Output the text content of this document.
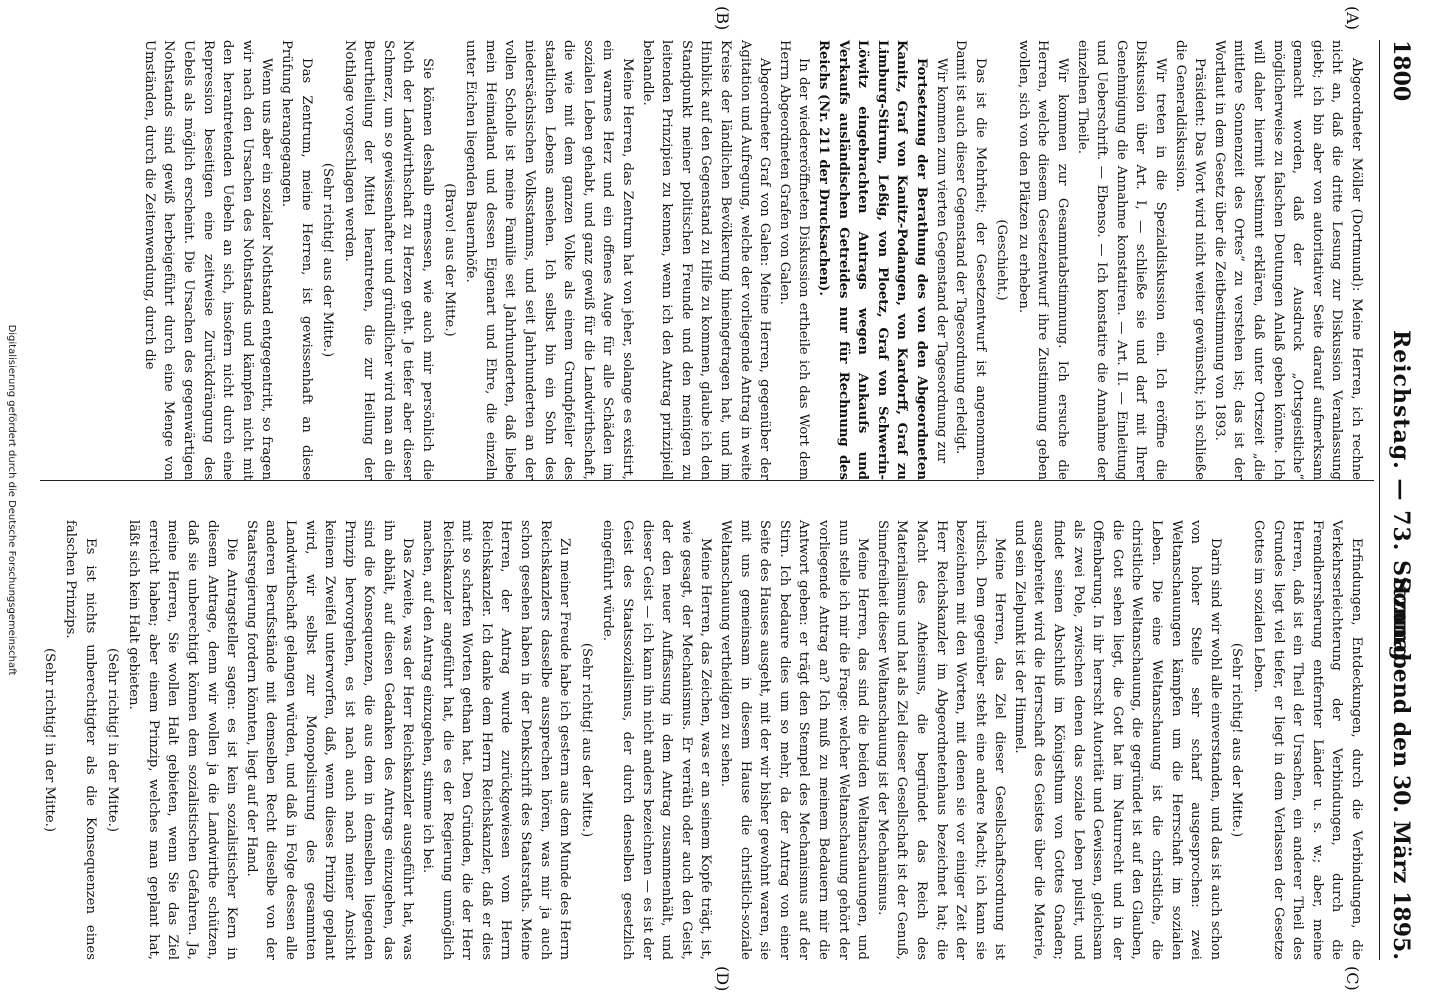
1800
Reichstag. — 73. Sitzung.
Sonnabend den 30. März 1895.
(A)
(B)
(C)
(D)

Abgeordneter Möller (Dortmund): Meine Herren, ich rechne nicht an, daß die dritte Lesung zur Diskussion Veranlassung giebt; ich bin aber von autoritativer Seite darauf aufmerksam gemacht worden, daß der Ausdruck „Ortsgeistliche“ möglicherweise zu falschen Deutungen Anlaß geben könnte. Ich will daher hiermit bestimmt erklären, daß unter Ortszeit „die mittlere Sonnenzeit des Ortes“ zu verstehen ist; das ist der Wortlaut in dem Gesetz über die Zeitbestimmung von 1893.

Präsident: Das Wort wird nicht weiter gewünscht; ich schließe die Generaldiskussion.

Wir treten in die Spezialdiskussion ein. Ich eröffne die Diskussion über Art. I, — schließe sie und darf mit Ihrer Genehmigung die Annahme konstatiren. — Art. II. — Einleitung und Ueberschrift. — Ebenso. — Ich konstatire die Annahme der einzelnen Theile.

Wir kommen zur Gesammtabstimmung. Ich ersuche die Herren, welche diesem Gesetzentwurf ihre Zustimmung geben wollen, sich von den Plätzen zu erheben.

(Geschieht.)

Das ist die Mehrheit; der Gesetzentwurf ist angenommen. Damit ist auch dieser Gegenstand der Tagesordnung erledigt.

Wir kommen zum vierten Gegenstand der Tagesordnung zur

Fortsetzung der Berathung des von den Abgeordneten Kanitz, Graf von Kanitz-Podangen, von Kardorff, Graf zu Limburg-Stirum, Leßig, von Ploetz, Graf von Schwerin-Löwitz eingebrachten Antrags wegen Ankaufs und Verkaufs ausländischen Getreides nur für Rechnung des Reichs (Nr. 211 der Drucksachen).

In der wiedereröffneten Diskussion ertheile ich das Wort dem Herrn Abgeordneten Grafen von Galen.

Abgeordneter Graf von Galen: Meine Herren, gegenüber der Agitation und Aufregung, welche der vorliegende Antrag in weite Kreise der ländlichen Bevölkerung hineingetragen hat, und im Hinblick auf den Gegenstand zu Hilfe zu kommen, glaube ich den Standpunkt meiner politischen Freunde und den meinigen zu leitenden Prinzipien zu kennen, wenn ich den Antrag prinzipiell behandle.

Meine Herren, das Zentrum hat von jeher, solange es existirt, ein warmes Herz und ein offenes Auge für alle Schäden im sozialen Leben gehabt, und ganz gewiß für die Landwirthschaft, die wie mit dem ganzen Volke als einem Grundpfeiler des staatlichen Lebens ansehen. Ich selbst bin ein Sohn des niedersächsischen Volksstamms, und seit Jahrhunderten an der vollen Scholle ist meine Familie seit Jahrhunderten, daß liebe mein Heimatland und dessen Eigenart und Ehre, die einzeln unter Eichen liegenden Bauernhöfe.

(Bravo! aus der Mitte.)

Sie können deshalb ermessen, wie auch mir persönlich die Noth der Landwirthschaft zu Herzen geht. Je tiefer aber dieser Schmerz, um so gewissenhafter und gründlicher wird man an die Beurtheilung der Mittel herantreten, die zur Heilung der Nothlage vorgeschlagen werden.

(Sehr richtig! aus der Mitte.)

Das Zentrum, meine Herren, ist gewissenhaft an diese Prüfung herangegangen.

Wenn uns aber ein sozialer Nothstand entgegentritt, so fragen wir nach den Ursachen des Nothstands und kämpfen nicht mit den herantretenden Uebeln an sich, insofern nicht durch eine Repression beseitigen eine zeitweise Zurückdrängung des Uebels als möglich erscheint. Die Ursachen des gegenwärtigen Nothstands sind gewiß herbeigeführt durch eine Menge von Umständen, durch die Zeitenwendung, durch die

Erfindungen, Entdeckungen, durch die Verbindungen, die Verkehrserleichterung der Verbindungen, durch die Fremdherrsherung entfernter Länder u. s. w.; aber, meine Herren, daß ist ein Theil der Ursachen, ein anderer Theil des Grundes liegt viel tiefer, er liegt in dem Verlassen der Gesetze Gottes im sozialen Leben.

(Sehr richtig! aus der Mitte.)

Darin sind wir wohl alle einverstanden, und das ist auch schon von hoher Stelle sehr scharf ausgesprochen: zwei Weltanschauungen kämpfen um die Herrschaft im sozialen Leben. Die eine Weltanschauung ist die christliche, die christliche Weltanschauung, die gegründet ist auf den Glauben, die Gott sehen liegt, die Gott hat im Naturrecht und in der Offenbarung. In ihr herrscht Autorität und Gewissen, gleichsam als zwei Pole, zwischen denen das soziale Leben pulsirt, und findet seinen Abschluß im Königsthum von Gottes Gnaden; ausgebreitet wird die Herrschaft des Geistes über die Materie, und sein Zielpunkt ist der Himmel.

Meine Herren, das Ziel dieser Gesellschaftsordnung ist irdisch. Dem gegenüber steht eine andere Macht; ich kann sie bezeichnen mit den Worten, mit denen sie vor einiger Zeit der Herr Reichskanzler im Abgeordnetenhaus bezeichnet hat; die Macht des Atheismus, die begründet das Reich des Materialismus und hat als Ziel dieser Gesellschaft ist der Genuß, Sinnefreiheit dieser Weltanschauung ist der Mechanismus.

Meine Herren, das sind die beiden Weltanschauungen, und nun stelle ich mir die Frage: welcher Weltanschauung gehört der vorliegende Antrag an? Ich muß zu meinem Bedauern mir die Antwort geben: er trägt den Stempel des Mechanismus auf der Stirn. Ich bedaure dies um so mehr, da der Antrag von einer Seite des Hauses ausgeht, mit der wir bisher gewohnt waren, sie mit uns gemeinsam in diesem Hause die christlich-soziale Weltanschauung vertheidigen zu sehen.

Meine Herren, das Zeichen, was er an seinem Kopfe trägt, ist, wie gesagt, der Mechanismus. Er verräth oder auch den Geist, der den neuer Auffassung in dem Antrag zusammenhält, und dieser Geist — ich kann ihn nicht anders bezeichnen — es ist der Geist des Staatssozialismus, der durch denselben gesetzlich eingeführt würde.

(Sehr richtig! aus der Mitte.)

Zu meiner Freude habe ich gestern aus dem Munde des Herrn Reichskanzlers dasselbe aussprechen hören, was mir ja auch schon gesehen haben in der Denkschrift des Staatsraths. Meine Herren, der Antrag wurde zurückgewiesen vom Herrn Reichskanzler. Ich danke dem Herrn Reichskanzler, daß er dies mit so scharfen Worten gethan hat. Den Gründen, die der Herr Reichskanzler angeführt hat, die es der Regierung unmöglich machen, auf den Antrag einzugehen, stimme ich bei.

Das Zweite, was der Herr Reichskanzler ausgeführt hat, was ihn abhält, auf diesen Gedanken des Antrags einzugehen, das sind die Konsequenzen, die aus dem in demselben liegenden Prinzip hervorgehen, es ist nach auch nach meiner Ansicht keinem Zweifel unterworfen, daß, wenn dieses Prinzip geplant wird, wir selbst zur Monopolisirung des gesammten Landwirthschaft gelangen würden, und daß in Folge dessen alle anderen Berufsstände mit demselben Recht dieselbe von der Staatsregierung fordern könnten, liegt auf der Hand.

Die Antragsteller sagen: es ist kein sozialistischer Kern in diesem Antrage, denn wir wollen ja die Landwirthe schützen, daß sie unberechtigt können dem sozialistischen Gefahren. Ja, meine Herren, Sie wollen Halt gebieten, wenn Sie das Ziel erreicht haben; aber einem Prinzip, welches man geplant hat, läßt sich kein Halt gebieten.

(Sehr richtig! in der Mitte.)

Es ist nichts unberechtigter als die Konsequenzen eines falschen Prinzips.

(Sehr richtig! in der Mitte.)

Digitalisierung gefördert durch die Deutsche Forschungsgemeinschaft
